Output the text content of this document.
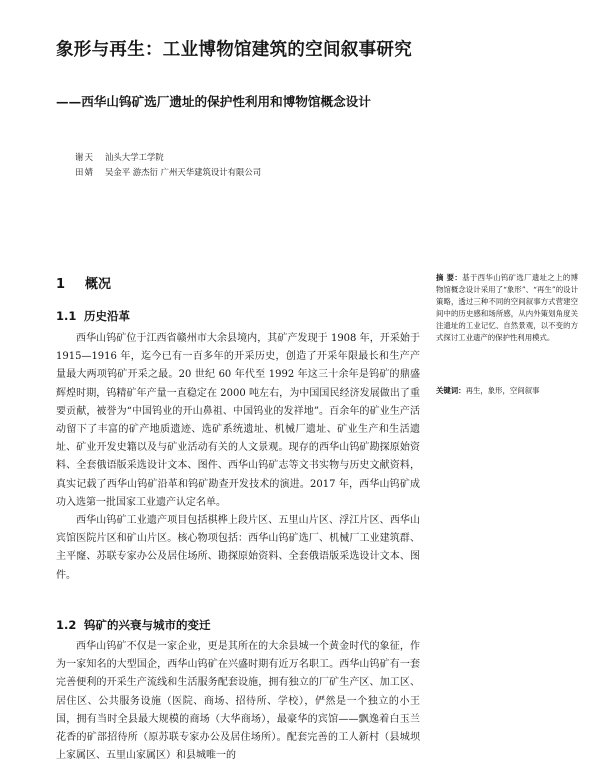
象形与再生：工业博物馆建筑的空间叙事研究
——西华山钨矿选厂遗址的保护性利用和博物馆概念设计
谢天 汕头大学工学院
田婧 吴金平 游杰衍 广州天华建筑设计有限公司
1 概况
1.1 历史沿革

西华山钨矿位于江西省赣州市大余县境内，其矿产发现于 1908 年，开采始于 1915—1916 年，迄今已有一百多年的开采历史，创造了开采年限最长和生产产量最大两项钨矿开采之最。20 世纪 60 年代至 1992 年这三十余年是钨矿的鼎盛辉煌时期，钨精矿年产量一直稳定在 2000 吨左右，为中国国民经济发展做出了重要贡献，被誉为“中国钨业的开山鼻祖、中国钨业的发祥地”。百余年的矿业生产活动留下了丰富的矿产地质遗迹、选矿系统遗址、机械厂遗址、矿业生产和生活遗址、矿业开发史籍以及与矿业活动有关的人文景观。现存的西华山钨矿勘探原始资料、全套俄语版采选设计文本、图件、西华山钨矿志等文书实物与历史文献资料，真实记载了西华山钨矿沿革和钨矿勘查开发技术的演进。2017 年，西华山钨矿成功入选第一批国家工业遗产认定名单。

西华山钨矿工业遗产项目包括棋桦上段片区、五里山片区、浮江片区、西华山宾馆医院片区和矿山片区。核心物项包括：西华山钨矿选厂、机械厂工业建筑群、主平窿、苏联专家办公及居住场所、勘探原始资料、全套俄语版采选设计文本、图件。

1.2 钨矿的兴衰与城市的变迁

西华山钨矿不仅是一家企业，更是其所在的大余县城一个黄金时代的象征，作为一家知名的大型国企，西华山钨矿在兴盛时期有近万名职工。西华山钨矿有一套完善便利的开采生产流线和生活服务配套设施，拥有独立的厂矿生产区、加工区、居住区、公共服务设施（医院、商场、招待所、学校），俨然是一个独立的小王国，拥有当时全县最大规模的商场（大华商场），最豪华的宾馆——飘逸着白玉兰花香的矿部招待所（原苏联专家办公及居住场所）。配套完善的工人新村（县城坝上家属区、五里山家属区）和县城唯一的

摘 要：基于西华山钨矿选厂遗址之上的博物馆概念设计采用了“象形”、“再生”的设计策略，透过三种不同的空间叙事方式营建空间中的历史感和场所感，从内外策划角度关注遗址的工业记忆、自然景观，以不变的方式探讨工业遗产的保护性利用模式。
关键词：再生，象形，空间叙事
